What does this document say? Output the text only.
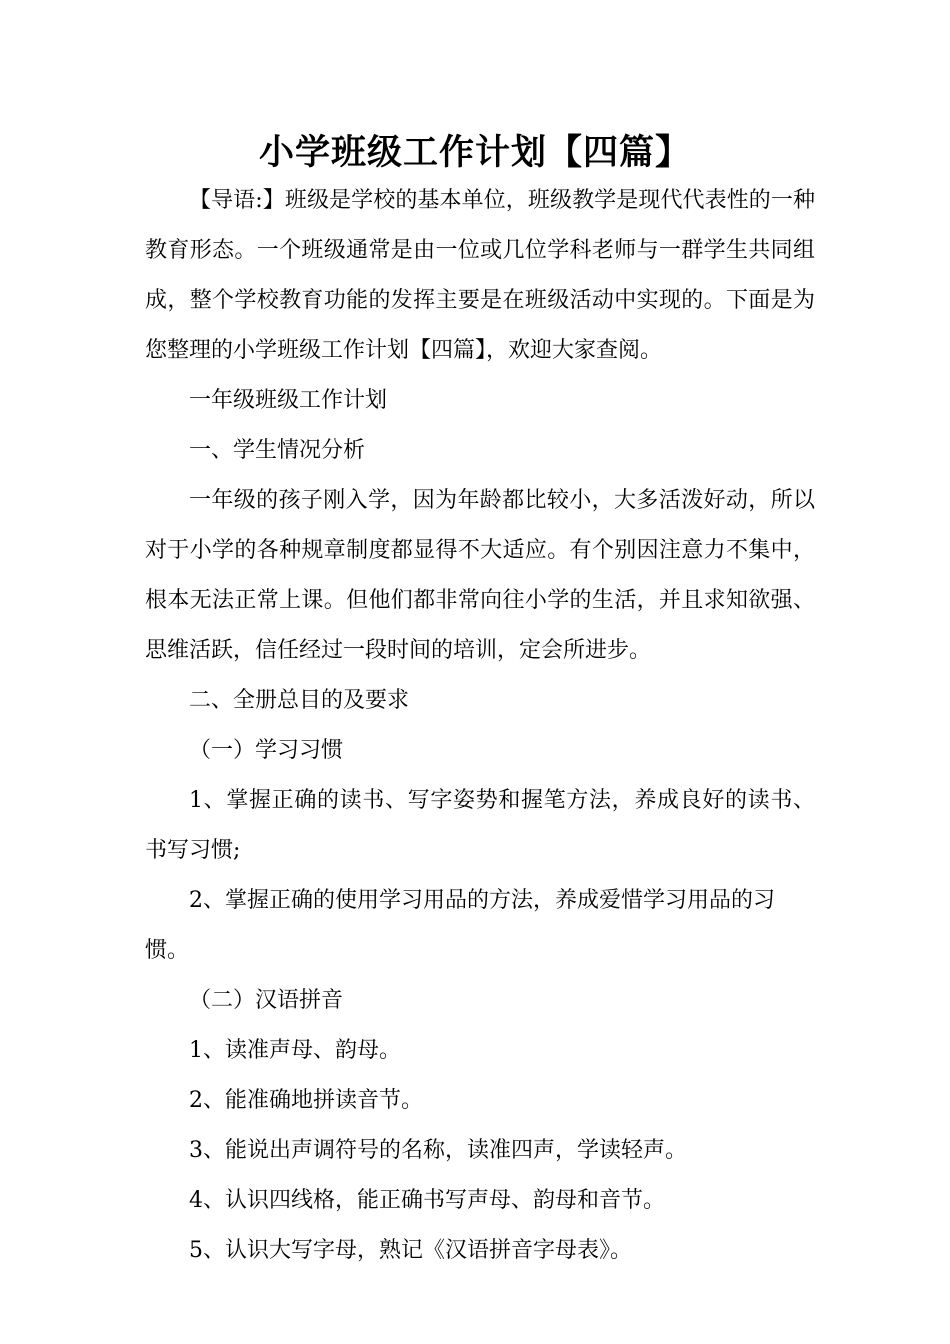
小学班级工作计划【四篇】

【导语:】班级是学校的基本单位，班级教学是现代代表性的一种教育形态。一个班级通常是由一位或几位学科老师与一群学生共同组成，整个学校教育功能的发挥主要是在班级活动中实现的。下面是为您整理的小学班级工作计划【四篇】，欢迎大家查阅。

一年级班级工作计划

一、学生情况分析

一年级的孩子刚入学，因为年龄都比较小，大多活泼好动，所以对于小学的各种规章制度都显得不大适应。有个别因注意力不集中，根本无法正常上课。但他们都非常向往小学的生活，并且求知欲强、思维活跃，信任经过一段时间的培训，定会所进步。

二、全册总目的及要求

（一）学习习惯

1、掌握正确的读书、写字姿势和握笔方法，养成良好的读书、书写习惯;

2、掌握正确的使用学习用品的方法，养成爱惜学习用品的习惯。

（二）汉语拼音

1、读准声母、韵母。

2、能准确地拼读音节。

3、能说出声调符号的名称，读准四声，学读轻声。

4、认识四线格，能正确书写声母、韵母和音节。

5、认识大写字母，熟记《汉语拼音字母表》。
